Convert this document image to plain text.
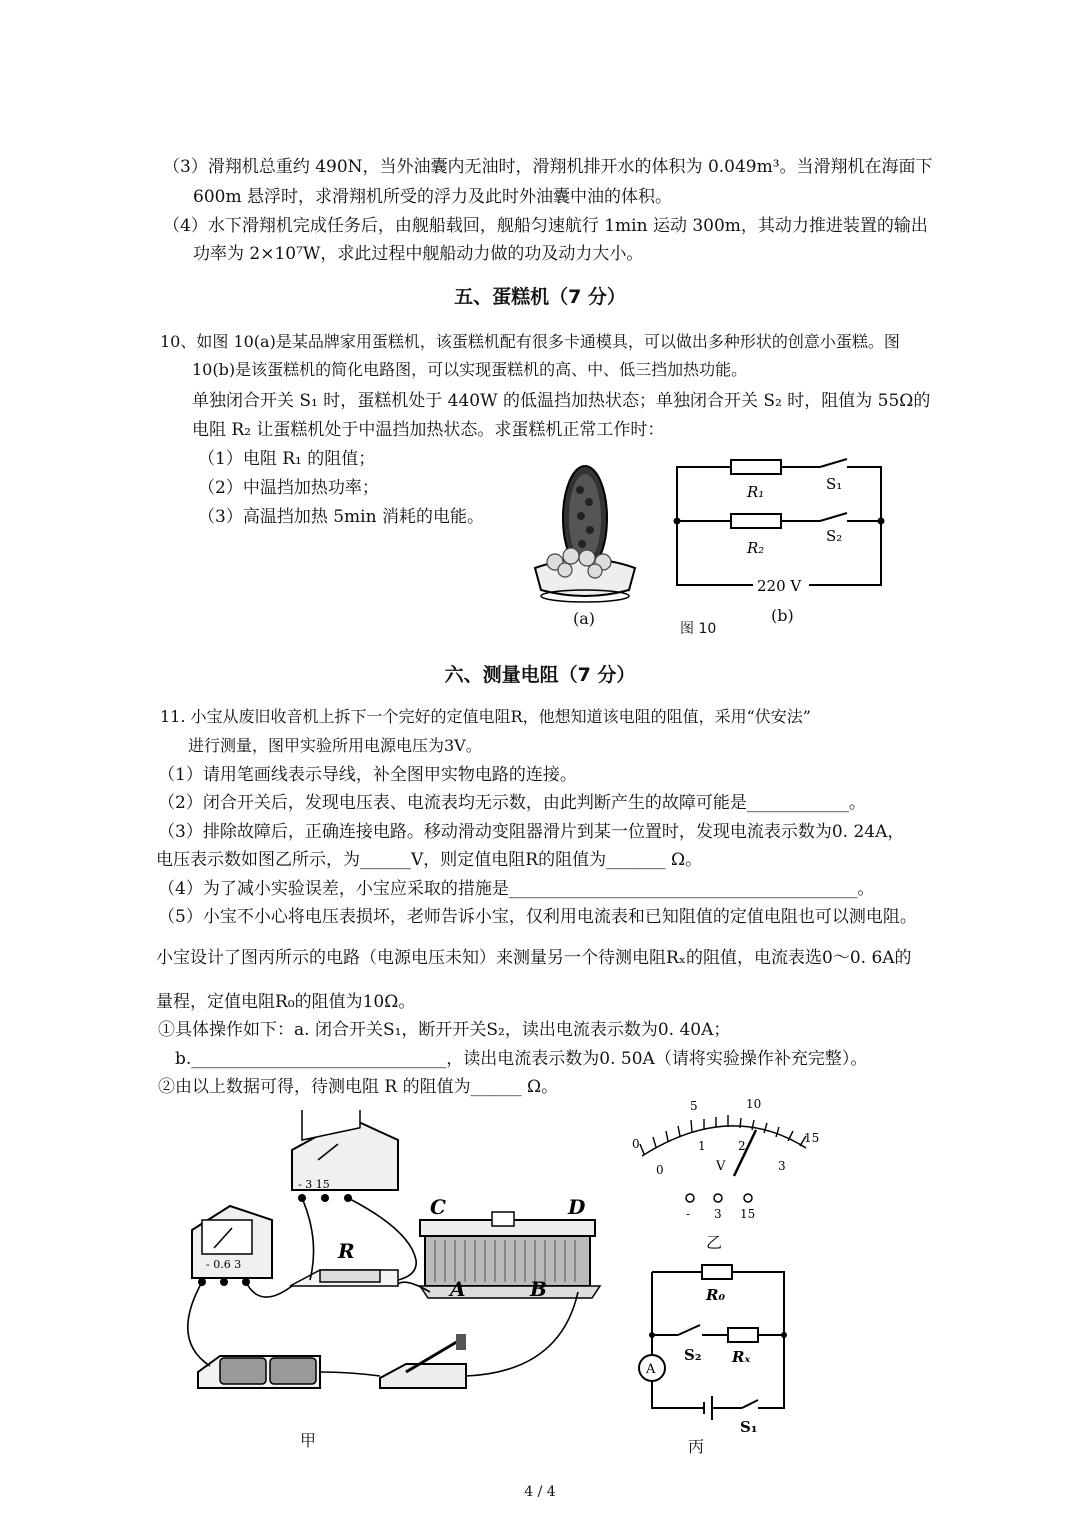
（3）滑翔机总重约 490N，当外油囊内无油时，滑翔机排开水的体积为 0.049m³。当滑翔机在海面下
600m 悬浮时，求滑翔机所受的浮力及此时外油囊中油的体积。
（4）水下滑翔机完成任务后，由舰船载回，舰船匀速航行 1min 运动 300m，其动力推进装置的输出
功率为 2×10⁷W，求此过程中舰船动力做的功及动力大小。
五、蛋糕机（7 分）
10、如图 10(a)是某品牌家用蛋糕机，该蛋糕机配有很多卡通模具，可以做出多种形状的创意小蛋糕。图
10(b)是该蛋糕机的简化电路图，可以实现蛋糕机的高、中、低三挡加热功能。
单独闭合开关 S₁ 时，蛋糕机处于 440W 的低温挡加热状态；单独闭合开关 S₂ 时，阻值为 55Ω的
电阻 R₂ 让蛋糕机处于中温挡加热状态。求蛋糕机正常工作时：
（1）电阻 R₁ 的阻值；
（2）中温挡加热功率；
（3）高温挡加热 5min 消耗的电能。
(a)
R₁	S₁
R₂
S₂
220 V
图 10
(b)
六、测量电阻（7 分）
11. 小宝从废旧收音机上拆下一个完好的定值电阻R，他想知道该电阻的阻值，采用“伏安法”
进行测量，图甲实验所用电源电压为3V。
（1）请用笔画线表示导线，补全图甲实物电路的连接。
（2）闭合开关后，发现电压表、电流表均无示数，由此判断产生的故障可能是____________。
（3）排除故障后，正确连接电路。移动滑动变阻器滑片到某一位置时，发现电流表示数为0. 24A，
电压表示数如图乙所示，为______V，则定值电阻R的阻值为_______ Ω。
（4）为了减小实验误差，小宝应采取的措施是_________________________________________。
（5）小宝不小心将电压表损坏，老师告诉小宝，仅利用电流表和已知阻值的定值电阻也可以测电阻。
小宝设计了图丙所示的电路（电源电压未知）来测量另一个待测电阻Rₓ的阻值，电流表选0～0. 6A的
量程，定值电阻R₀的阻值为10Ω。
①具体操作如下：a. 闭合开关S₁，断开开关S₂，读出电流表示数为0. 40A；
b.______________________________，读出电流表示数为0. 50A（请将实验操作补充完整）。
②由以上数据可得，待测电阻 R 的阻值为______ Ω。
- 3 15
- 0.6 3
R
C	D
A	B
甲
0
5	10
15
0
1	2
3
V
- 3 15
乙
A
R₀
S₂ Rₓ
S₁
丙
4 / 4
